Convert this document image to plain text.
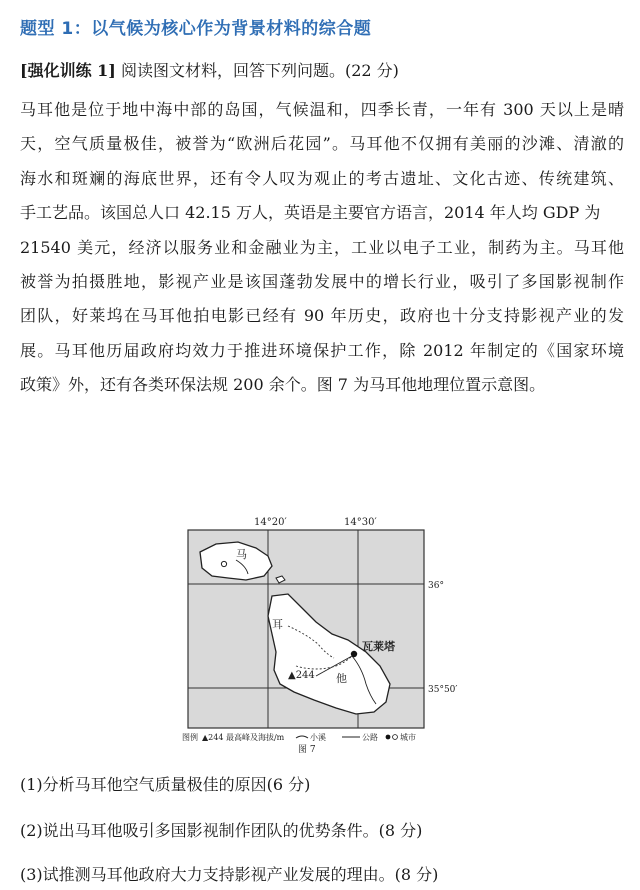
题型 1：以气候为核心作为背景材料的综合题
[强化训练 1] 阅读图文材料，回答下列问题。(22 分)
马耳他是位于地中海中部的岛国，气候温和，四季长青，一年有 300 天以上是晴
天，空气质量极佳，被誉为“欧洲后花园”。马耳他不仅拥有美丽的沙滩、清澈的
海水和斑斓的海底世界，还有令人叹为观止的考古遗址、文化古迹、传统建筑、
手工艺品。该国总人口 42.15 万人，英语是主要官方语言，2014 年人均 GDP 为
21540 美元，经济以服务业和金融业为主，工业以电子工业，制药为主。马耳他
被誉为拍摄胜地，影视产业是该国蓬勃发展中的增长行业，吸引了多国影视制作
团队，好莱坞在马耳他拍电影已经有 90 年历史，政府也十分支持影视产业的发
展。马耳他历届政府均效力于推进环境保护工作，除 2012 年制定的《国家环境
政策》外，还有各类环保法规 200 余个。图 7 为马耳他地理位置示意图。
14°20′	14°30′
36°
35°50′
马
耳
他
▲244
瓦莱塔
图例 ▲244 最高峰及海拔/m	小溪	公路	城市
图 7
(1)分析马耳他空气质量极佳的原因(6 分)
(2)说出马耳他吸引多国影视制作团队的优势条件。(8 分)
(3)试推测马耳他政府大力支持影视产业发展的理由。(8 分)
